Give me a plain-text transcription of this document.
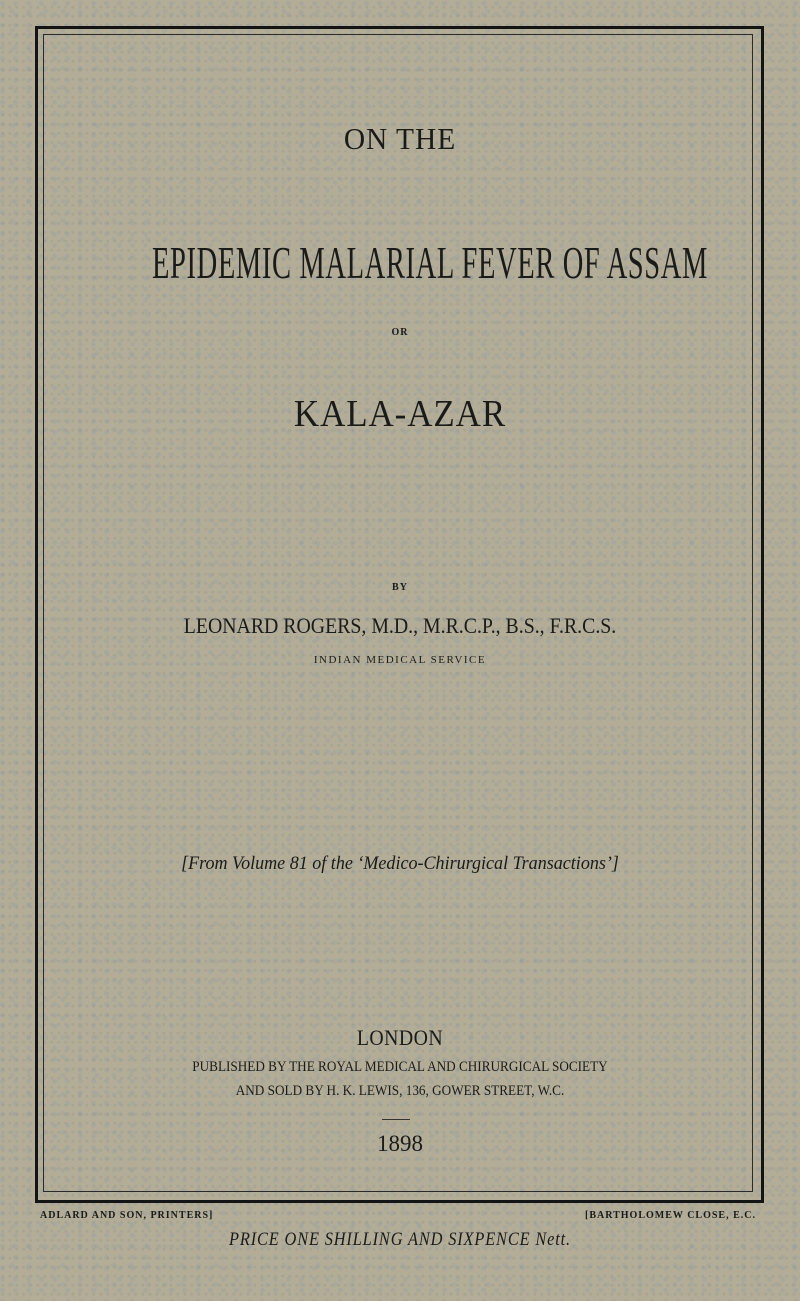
ON THE
EPIDEMIC MALARIAL FEVER OF ASSAM
OR
KALA-AZAR
BY
LEONARD ROGERS, M.D., M.R.C.P., B.S., F.R.C.S.
INDIAN MEDICAL SERVICE
[From Volume 81 of the ‘Medico-Chirurgical Transactions’]
LONDON
PUBLISHED BY THE ROYAL MEDICAL AND CHIRURGICAL SOCIETY
AND SOLD BY H. K. LEWIS, 136, GOWER STREET, W.C.
1898
ADLARD AND SON, PRINTERS]	[BARTHOLOMEW CLOSE, E.C.
PRICE ONE SHILLING AND SIXPENCE Nett.
